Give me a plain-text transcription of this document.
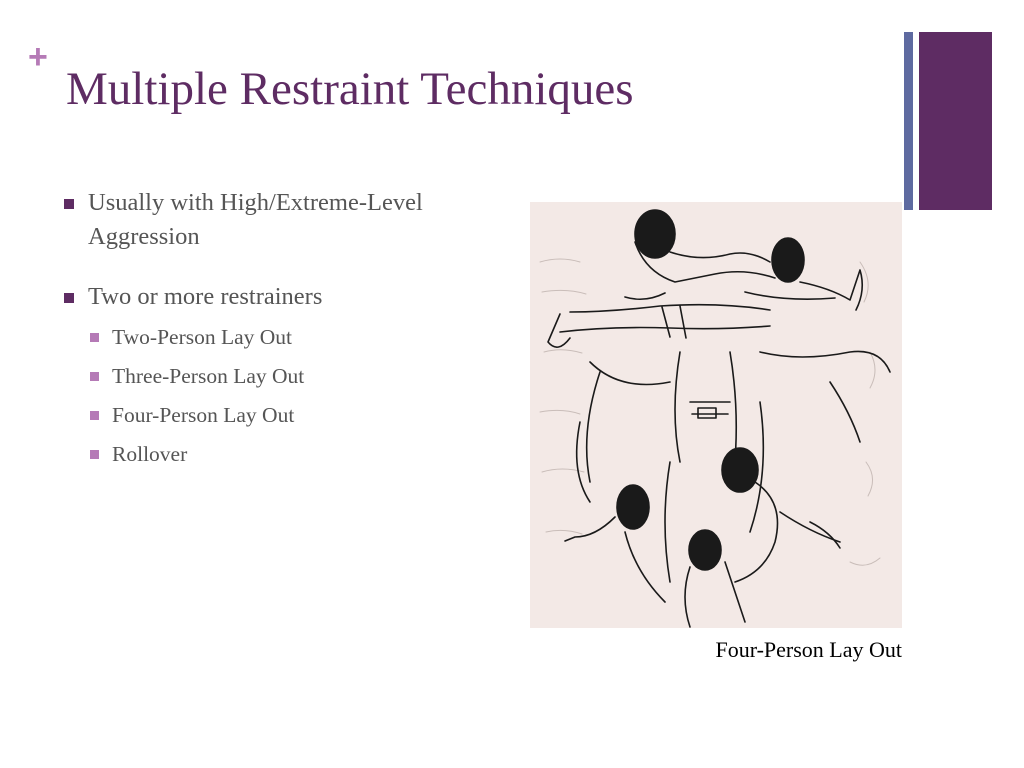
+
Multiple Restraint Techniques
Usually with High/Extreme-Level Aggression
Two or more restrainers
Two-Person Lay Out
Three-Person Lay Out
Four-Person Lay Out
Rollover
Four-Person Lay Out
